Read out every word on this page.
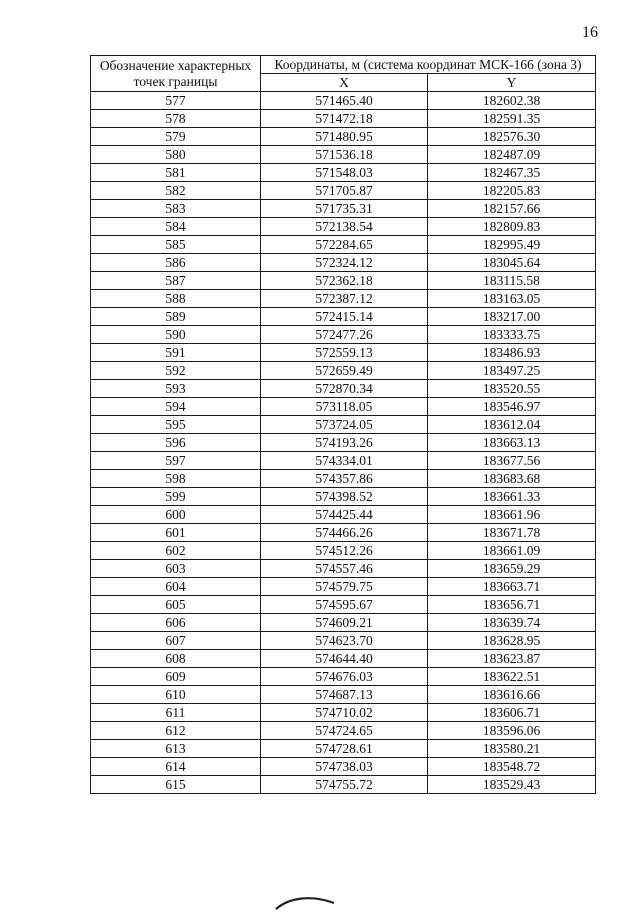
16
Обозначение характерных точек границы	Координаты, м (система координат МСК-166 (зона 3)	
	X	Y
577	571465.40	182602.38
578	571472.18	182591.35
579	571480.95	182576.30
580	571536.18	182487.09
581	571548.03	182467.35
582	571705.87	182205.83
583	571735.31	182157.66
584	572138.54	182809.83
585	572284.65	182995.49
586	572324.12	183045.64
587	572362.18	183115.58
588	572387.12	183163.05
589	572415.14	183217.00
590	572477.26	183333.75
591	572559.13	183486.93
592	572659.49	183497.25
593	572870.34	183520.55
594	573118.05	183546.97
595	573724.05	183612.04
596	574193.26	183663.13
597	574334.01	183677.56
598	574357.86	183683.68
599	574398.52	183661.33
600	574425.44	183661.96
601	574466.26	183671.78
602	574512.26	183661.09
603	574557.46	183659.29
604	574579.75	183663.71
605	574595.67	183656.71
606	574609.21	183639.74
607	574623.70	183628.95
608	574644.40	183623.87
609	574676.03	183622.51
610	574687.13	183616.66
611	574710.02	183606.71
612	574724.65	183596.06
613	574728.61	183580.21
614	574738.03	183548.72
615	574755.72	183529.43
